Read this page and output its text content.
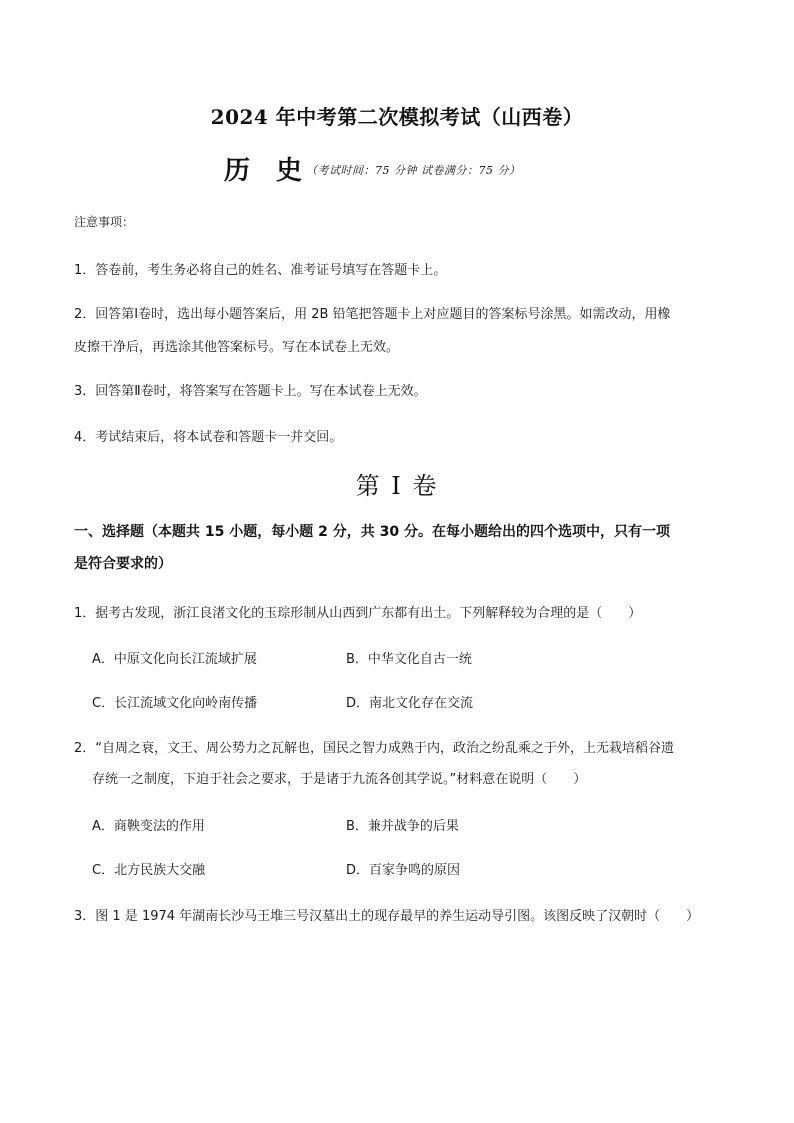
2024 年中考第二次模拟考试（山西卷）
历史$^{(考试时间:75 分钟 试卷满分:75 分)}$
注意事项：
1．答卷前，考生务必将自己的姓名、准考证号填写在答题卡上。
2．回答第Ⅰ卷时，选出每小题答案后，用 2B 铅笔把答题卡上对应题目的答案标号涂黑。如需改动，用橡
皮擦干净后，再选涂其他答案标号。写在本试卷上无效。
3．回答第Ⅱ卷时，将答案写在答题卡上。写在本试卷上无效。
4．考试结束后，将本试卷和答题卡一并交回。
第 I 卷
一、选择题（本题共 15 小题，每小题 2 分，共 30 分。在每小题给出的四个选项中，只有一项
是符合要求的）
1．据考古发现，浙江良渚文化的玉琮形制从山西到广东都有出土。下列解释较为合理的是（　　）
A．中原文化向长江流域扩展	B．中华文化自古一统
C．长江流域文化向岭南传播	D．南北文化存在交流
2．“自周之衰，文王、周公势力之瓦解也，国民之智力成熟于内，政治之纷乱乘之于外，上无栽培稻谷遗
存统一之制度，下迫于社会之要求，于是诸于九流各创其学说。”材料意在说明（　　）
A．商鞅变法的作用	B．兼并战争的后果
C．北方民族大交融	D．百家争鸣的原因
3．图 1 是 1974 年湖南长沙马王堆三号汉墓出土的现存最早的养生运动导引图。该图反映了汉朝时（　　）
